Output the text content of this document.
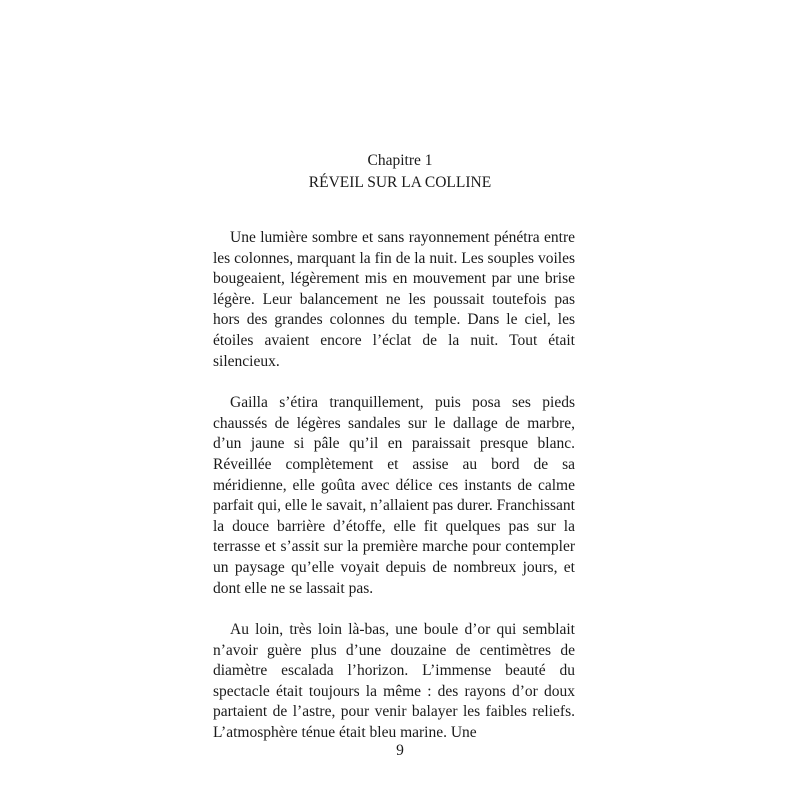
Chapitre 1
RÉVEIL SUR LA COLLINE

Une lumière sombre et sans rayonnement pénétra entre les colonnes, marquant la fin de la nuit. Les souples voiles bougeaient, légèrement mis en mouvement par une brise légère. Leur balancement ne les poussait toutefois pas hors des grandes colonnes du temple. Dans le ciel, les étoiles avaient encore l’éclat de la nuit. Tout était silencieux.

Gailla s’étira tranquillement, puis posa ses pieds chaussés de légères sandales sur le dallage de marbre, d’un jaune si pâle qu’il en paraissait presque blanc. Réveillée complètement et assise au bord de sa méridienne, elle goûta avec délice ces instants de calme parfait qui, elle le savait, n’allaient pas durer. Franchissant la douce barrière d’étoffe, elle fit quelques pas sur la terrasse et s’assit sur la première marche pour contempler un paysage qu’elle voyait depuis de nombreux jours, et dont elle ne se lassait pas.

Au loin, très loin là-bas, une boule d’or qui semblait n’avoir guère plus d’une douzaine de centimètres de diamètre escalada l’horizon. L’immense beauté du spectacle était toujours la même : des rayons d’or doux partaient de l’astre, pour venir balayer les faibles reliefs. L’atmosphère ténue était bleu marine. Une

9
